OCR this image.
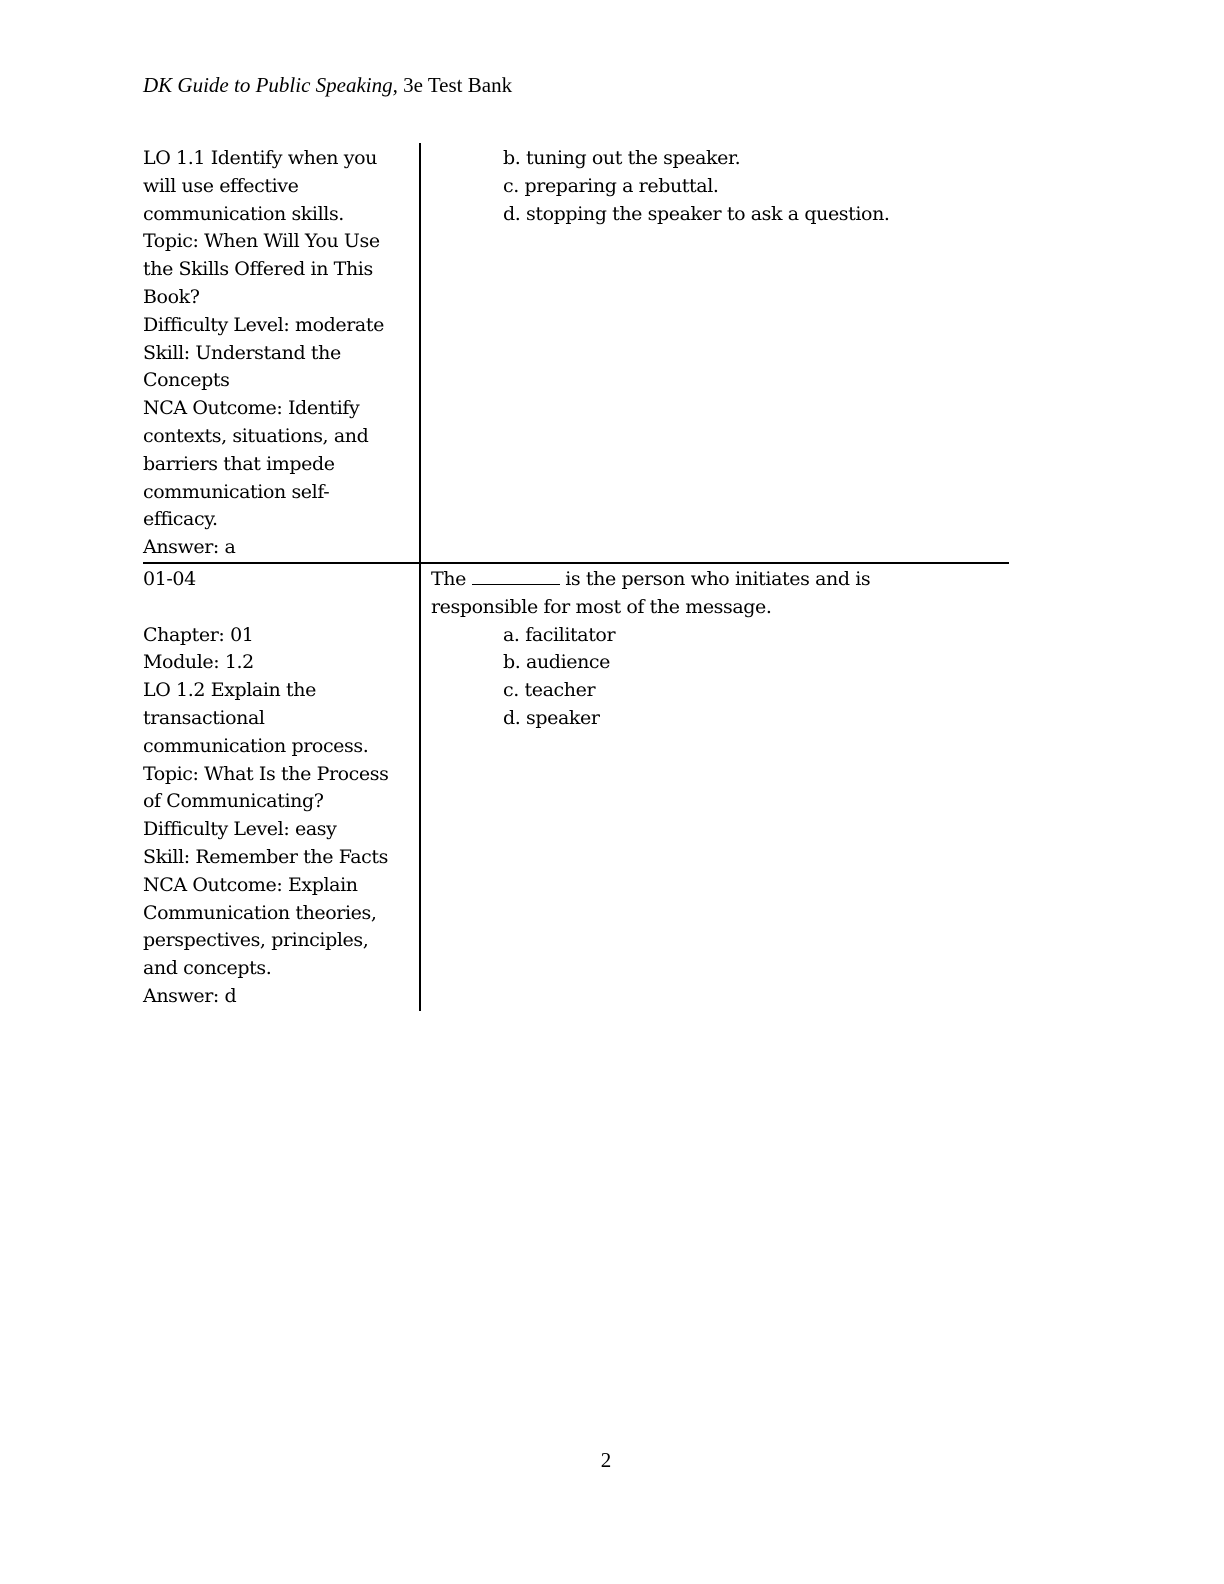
DK Guide to Public Speaking, 3e Test Bank
LO 1.1 Identify when you
will use effective
communication skills.
Topic: When Will You Use
the Skills Offered in This
Book?
Difficulty Level: moderate
Skill: Understand the
Concepts
NCA Outcome: Identify
contexts, situations, and
barriers that impede
communication self-
efficacy.
Answer: a
b. tuning out the speaker.
c. preparing a rebuttal.
d. stopping the speaker to ask a question.
01-04
Chapter: 01
Module: 1.2
LO 1.2 Explain the
transactional
communication process.
Topic: What Is the Process
of Communicating?
Difficulty Level: easy
Skill: Remember the Facts
NCA Outcome: Explain
Communication theories,
perspectives, principles,
and concepts.
Answer: d
The	is the person who initiates and is
responsible for most of the message.
a. facilitator
b. audience
c. teacher
d. speaker
2
